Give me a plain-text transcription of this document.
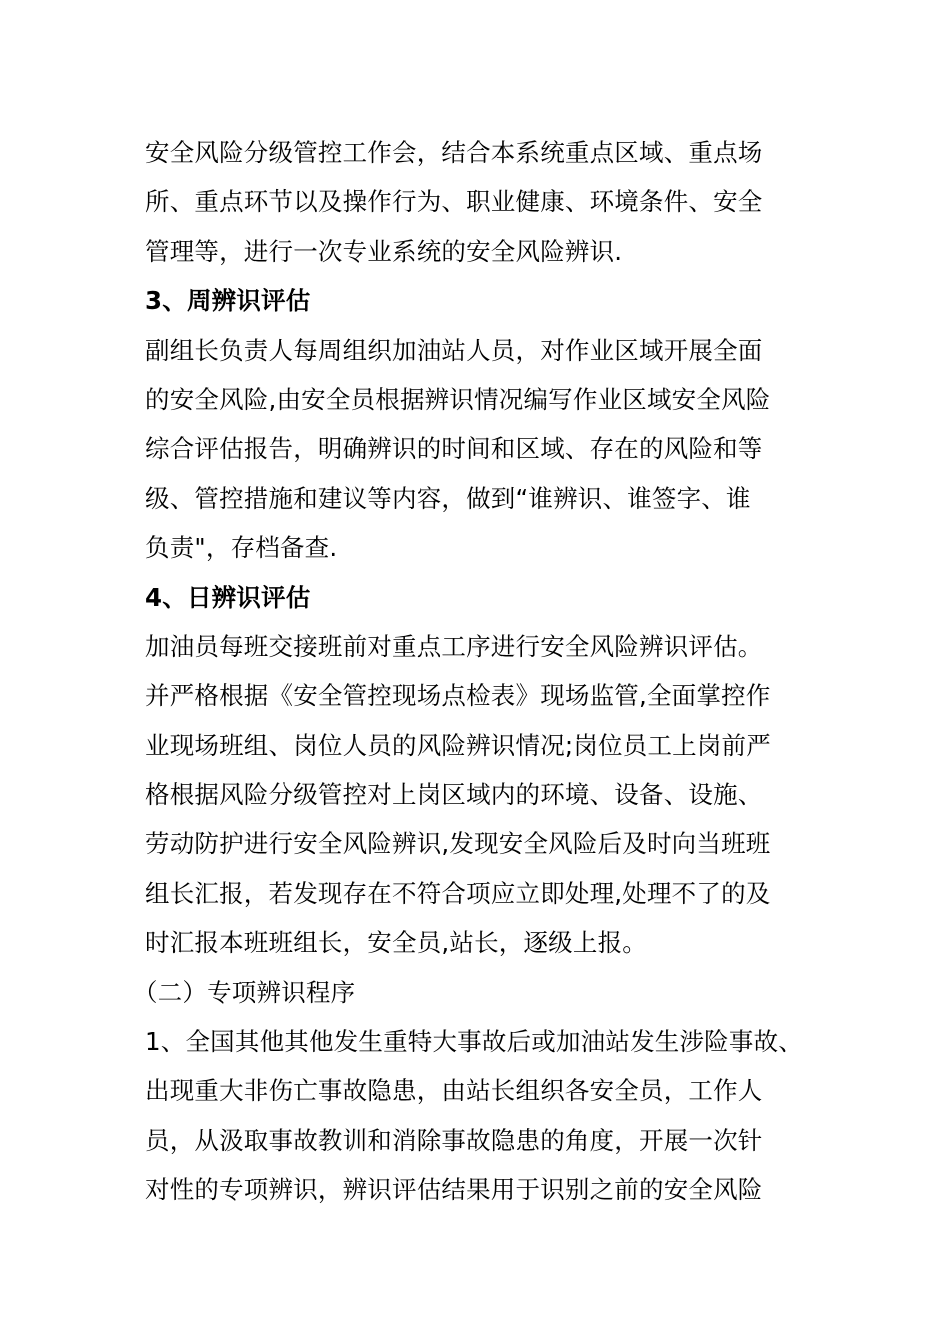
安全风险分级管控工作会，结合本系统重点区域、重点场
所、重点环节以及操作行为、职业健康、环境条件、安全
管理等，进行一次专业系统的安全风险辨识.
3、周辨识评估
副组长负责人每周组织加油站人员，对作业区域开展全面
的安全风险,由安全员根据辨识情况编写作业区域安全风险
综合评估报告，明确辨识的时间和区域、存在的风险和等
级、管控措施和建议等内容，做到“谁辨识、谁签字、谁
负责"，存档备查.
4、日辨识评估
加油员每班交接班前对重点工序进行安全风险辨识评估。
并严格根据《安全管控现场点检表》现场监管,全面掌控作
业现场班组、岗位人员的风险辨识情况;岗位员工上岗前严
格根据风险分级管控对上岗区域内的环境、设备、设施、
劳动防护进行安全风险辨识,发现安全风险后及时向当班班
组长汇报，若发现存在不符合项应立即处理,处理不了的及
时汇报本班班组长，安全员,站长，逐级上报。
（二）专项辨识程序
1、全国其他其他发生重特大事故后或加油站发生涉险事故、
出现重大非伤亡事故隐患，由站长组织各安全员，工作人
员，从汲取事故教训和消除事故隐患的角度，开展一次针
对性的专项辨识，辨识评估结果用于识别之前的安全风险
